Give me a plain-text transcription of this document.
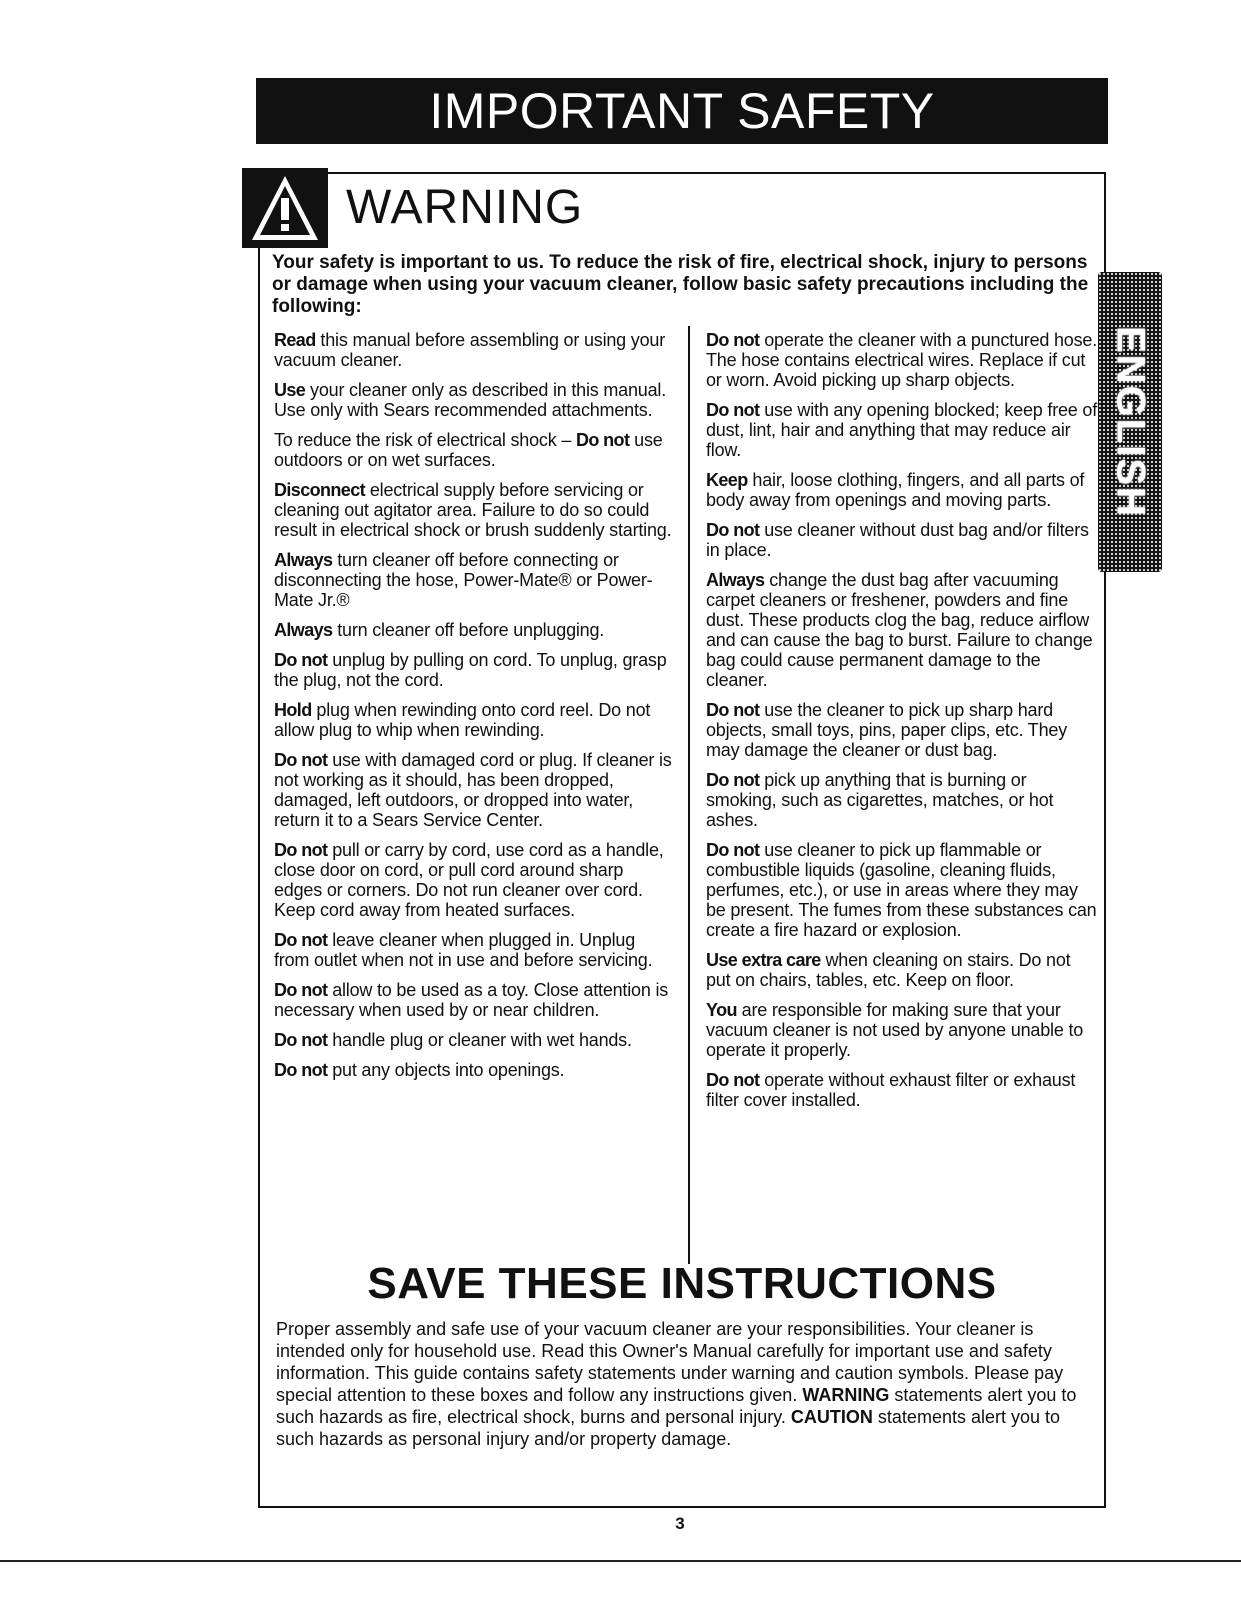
IMPORTANT SAFETY INSTRUCTIONS
WARNING

Your safety is important to us. To reduce the risk of fire, electrical shock, injury to persons or damage when using your vacuum cleaner, follow basic safety precautions including the following:

Read this manual before assembling or using your vacuum cleaner.

Use your cleaner only as described in this manual. Use only with Sears recommended attachments.

To reduce the risk of electrical shock – Do not use outdoors or on wet surfaces.

Disconnect electrical supply before servicing or cleaning out agitator area. Failure to do so could result in electrical shock or brush suddenly starting.

Always turn cleaner off before connecting or disconnecting the hose, Power-Mate® or Power-Mate Jr.®

Always turn cleaner off before unplugging.

Do not unplug by pulling on cord. To unplug, grasp the plug, not the cord.

Hold plug when rewinding onto cord reel. Do not allow plug to whip when rewinding.

Do not use with damaged cord or plug. If cleaner is not working as it should, has been dropped, damaged, left outdoors, or dropped into water, return it to a Sears Service Center.

Do not pull or carry by cord, use cord as a handle, close door on cord, or pull cord around sharp edges or corners. Do not run cleaner over cord. Keep cord away from heated surfaces.

Do not leave cleaner when plugged in. Unplug from outlet when not in use and before servicing.

Do not allow to be used as a toy. Close attention is necessary when used by or near children.

Do not handle plug or cleaner with wet hands.

Do not put any objects into openings.

Do not operate the cleaner with a punctured hose. The hose contains electrical wires. Replace if cut or worn. Avoid picking up sharp objects.

Do not use with any opening blocked; keep free of dust, lint, hair and anything that may reduce air flow.

Keep hair, loose clothing, fingers, and all parts of body away from openings and moving parts.

Do not use cleaner without dust bag and/or filters in place.

Always change the dust bag after vacuuming carpet cleaners or freshener, powders and fine dust. These products clog the bag, reduce airflow and can cause the bag to burst. Failure to change bag could cause permanent damage to the cleaner.

Do not use the cleaner to pick up sharp hard objects, small toys, pins, paper clips, etc. They may damage the cleaner or dust bag.

Do not pick up anything that is burning or smoking, such as cigarettes, matches, or hot ashes.

Do not use cleaner to pick up flammable or combustible liquids (gasoline, cleaning fluids, perfumes, etc.), or use in areas where they may be present. The fumes from these substances can create a fire hazard or explosion.

Use extra care when cleaning on stairs. Do not put on chairs, tables, etc. Keep on floor.

You are responsible for making sure that your vacuum cleaner is not used by anyone unable to operate it properly.

Do not operate without exhaust filter or exhaust filter cover installed.

ENGLISH
SAVE THESE INSTRUCTIONS

Proper assembly and safe use of your vacuum cleaner are your responsibilities. Your cleaner is intended only for household use. Read this Owner's Manual carefully for important use and safety information. This guide contains safety statements under warning and caution symbols. Please pay special attention to these boxes and follow any instructions given. WARNING statements alert you to such hazards as fire, electrical shock, burns and personal injury. CAUTION statements alert you to such hazards as personal injury and/or property damage.

3
